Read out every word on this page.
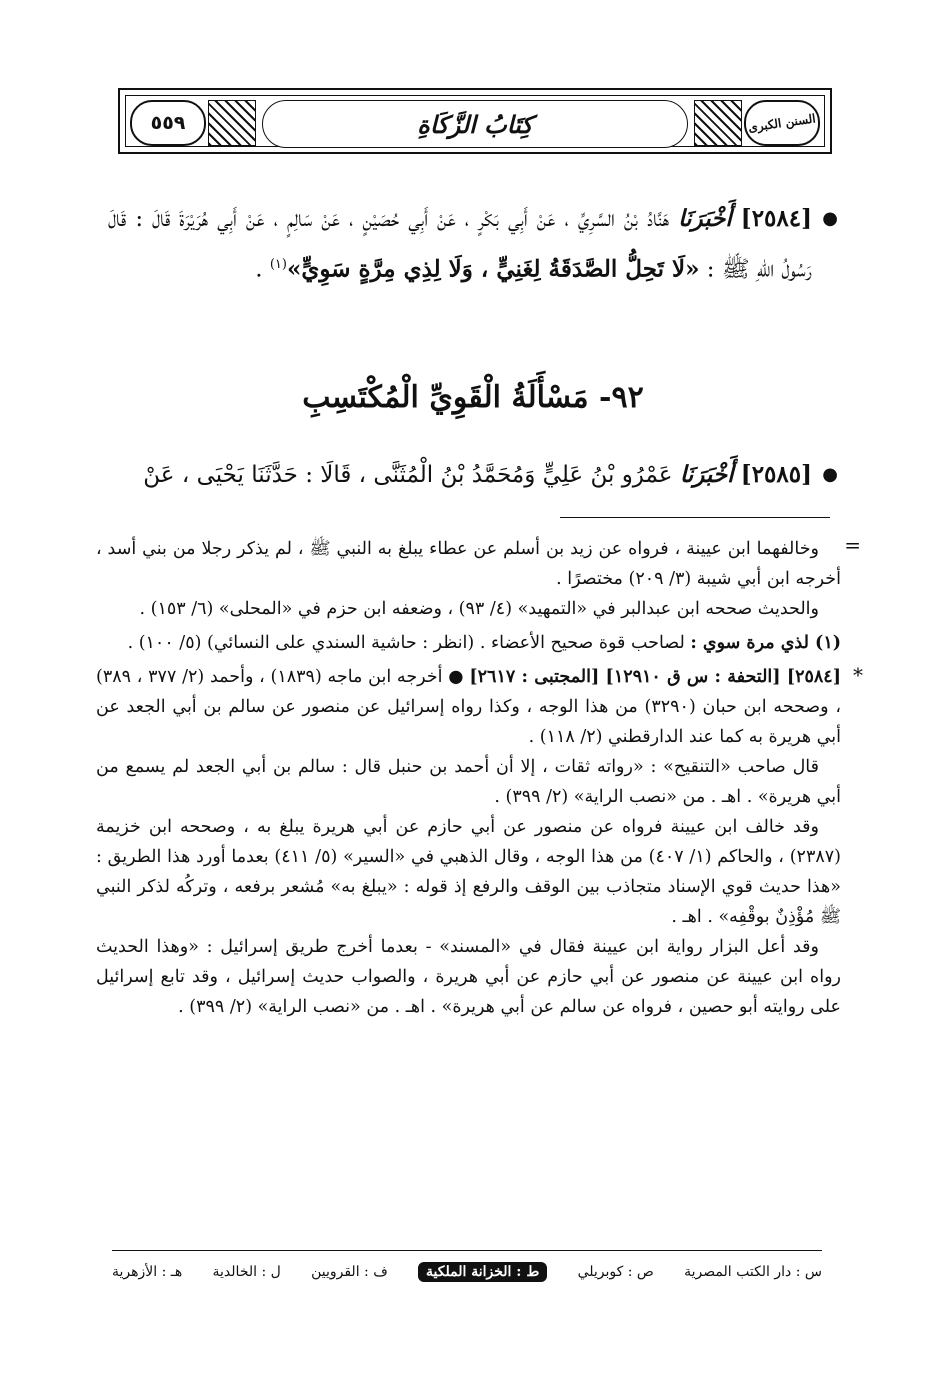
السنن الكبرى
كِتَابُ الزَّكَاةِ
٥٥٩
●
[٢٥٨٤] أَخْبَرَنَا هَنَّادُ بْنُ السَّرِيِّ ، عَنْ أَبِي بَكْرٍ ، عَنْ أَبِي حُصَيْنٍ ، عَنْ سَالِمٍ ، عَنْ أَبِي هُرَيْرَةَ قَالَ : قَالَ رَسُولُ اللهِ ﷺ : «لَا تَحِلُّ الصَّدَقَةُ لِغَنِيٍّ ، وَلَا لِذِي مِرَّةٍ سَوِيٍّ»$^{(١)}$ .
٩٢- مَسْأَلَةُ الْقَوِيِّ الْمُكْتَسِبِ
●
[٢٥٨٥] أَخْبَرَنَا عَمْرُو بْنُ عَلِيٍّ وَمُحَمَّدُ بْنُ الْمُثَنَّى ، قَالَا : حَدَّثَنَا يَحْيَى ، عَنْ
=
وخالفهما ابن عيينة ، فرواه عن زيد بن أسلم عن عطاء يبلغ به النبي ﷺ ، لم يذكر رجلا من بني أسد ، أخرجه ابن أبي شيبة (٣/ ٢٠٩) مختصرًا .
والحديث صححه ابن عبدالبر في «التمهيد» (٤/ ٩٣) ، وضعفه ابن حزم في «المحلى» (٦/ ١٥٣) .
(١) لذي مرة سوي : لصاحب قوة صحيح الأعضاء . (انظر : حاشية السندي على النسائي) (٥/ ١٠٠) .
*
[٢٥٨٤] [التحفة : س ق ١٢٩١٠] [المجتبى : ٢٦١٧] ● أخرجه ابن ماجه (١٨٣٩) ، وأحمد (٢/ ٣٧٧ ، ٣٨٩) ، وصححه ابن حبان (٣٢٩٠) من هذا الوجه ، وكذا رواه إسرائيل عن منصور عن سالم بن أبي الجعد عن أبي هريرة به كما عند الدارقطني (٢/ ١١٨) .
قال صاحب «التنقيح» : «رواته ثقات ، إلا أن أحمد بن حنبل قال : سالم بن أبي الجعد لم يسمع من أبي هريرة» . اهـ . من «نصب الراية» (٢/ ٣٩٩) .
وقد خالف ابن عيينة فرواه عن منصور عن أبي حازم عن أبي هريرة يبلغ به ، وصححه ابن خزيمة (٢٣٨٧) ، والحاكم (١/ ٤٠٧) من هذا الوجه ، وقال الذهبي في «السير» (٥/ ٤١١) بعدما أورد هذا الطريق : «هذا حديث قوي الإسناد متجاذب بين الوقف والرفع إذ قوله : «يبلغ به» مُشعر برفعه ، وتركُه لذكر النبي ﷺ مُؤْذِنٌ بوقْفِه» . اهـ .
وقد أعل البزار رواية ابن عيينة فقال في «المسند» - بعدما أخرج طريق إسرائيل : «وهذا الحديث رواه ابن عيينة عن منصور عن أبي حازم عن أبي هريرة ، والصواب حديث إسرائيل ، وقد تابع إسرائيل على روايته أبو حصين ، فرواه عن سالم عن أبي هريرة» . اهـ . من «نصب الراية» (٢/ ٣٩٩) .
س : دار الكتب المصرية
ص : كوبريلي
ط : الخزانة الملكية
ف : القرويين
ل : الخالدية
هـ : الأزهرية
